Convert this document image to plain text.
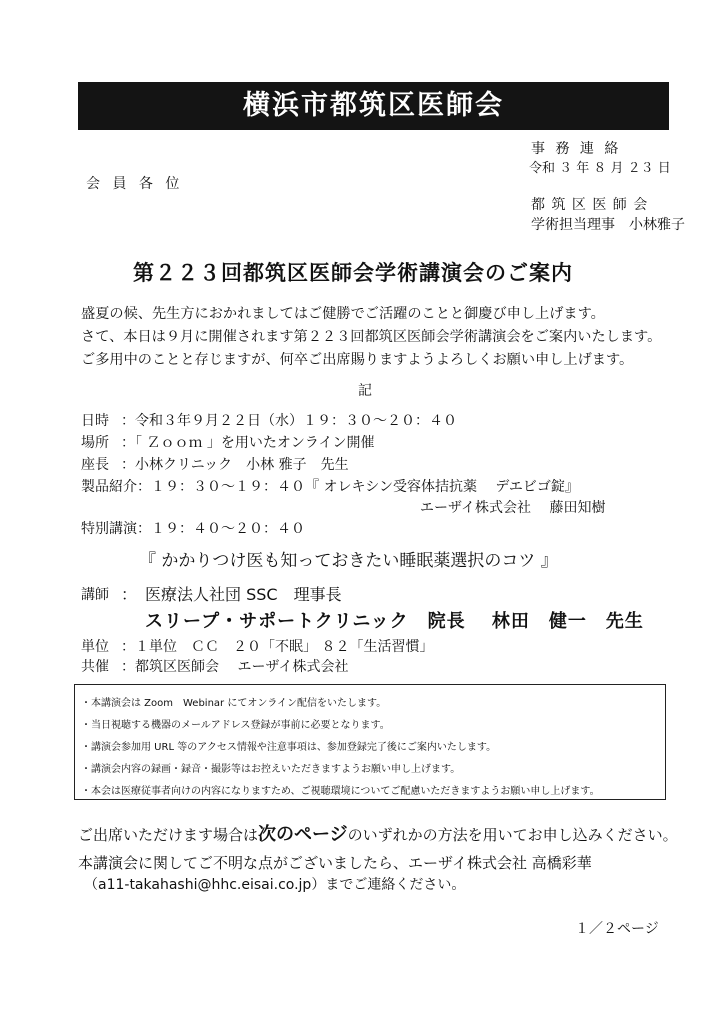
横浜市都筑区医師会
事 務 連 絡
令和 ３ 年 ８ 月 ２３ 日
会 員 各 位
都 筑 区 医 師 会
学術担当理事　小林雅子
第２２３回都筑区医師会学術講演会のご案内
盛夏の候、先生方におかれましてはご健勝でご活躍のことと御慶び申し上げます。
さて、本日は９月に開催されます第２２３回都筑区医師会学術講演会をご案内いたします。
ご多用中のことと存じますが、何卒ご出席賜りますようよろしくお願い申し上げます。
記
日時 ：令和３年９月２２日（水）１９：３０～２０：４０
場所 ：「 Ｚｏｏｍ 」を用いたオンライン開催
座長 ：小林クリニック　小林 雅子　先生
製品紹介 ：１９：３０～１９：４０『 オレキシン受容体拮抗薬　 デエビゴ錠』
エーザイ株式会社　 藤田知樹
特別講演 ：１９：４０～２０：４０
『 かかりつけ医も知っておきたい睡眠薬選択のコツ 』
講師 ： 医療法人社団 SSC　理事長
スリープ・サポートクリニック　院長　 林田　健一　先生
単位 ：１単位　ＣＣ　２０「不眠」 ８２「生活習慣」
共催 ：都筑区医師会　 エーザイ株式会社
・本講演会は Zoom　Webinar にてオンライン配信をいたします。
・当日視聴する機器のメールアドレス登録が事前に必要となります。
・講演会参加用 URL 等のアクセス情報や注意事項は、参加登録完了後にご案内いたします。
・講演会内容の録画・録音・撮影等はお控えいただきますようお願い申し上げます。
・本会は医療従事者向けの内容になりますため、ご視聴環境についてご配慮いただきますようお願い申し上げます。
ご出席いただけます場合は次のページのいずれかの方法を用いてお申し込みください。
本講演会に関してご不明な点がございましたら、エーザイ株式会社 高橋彩華
（a11-takahashi@hhc.eisai.co.jp）までご連絡ください。
１／２ページ
